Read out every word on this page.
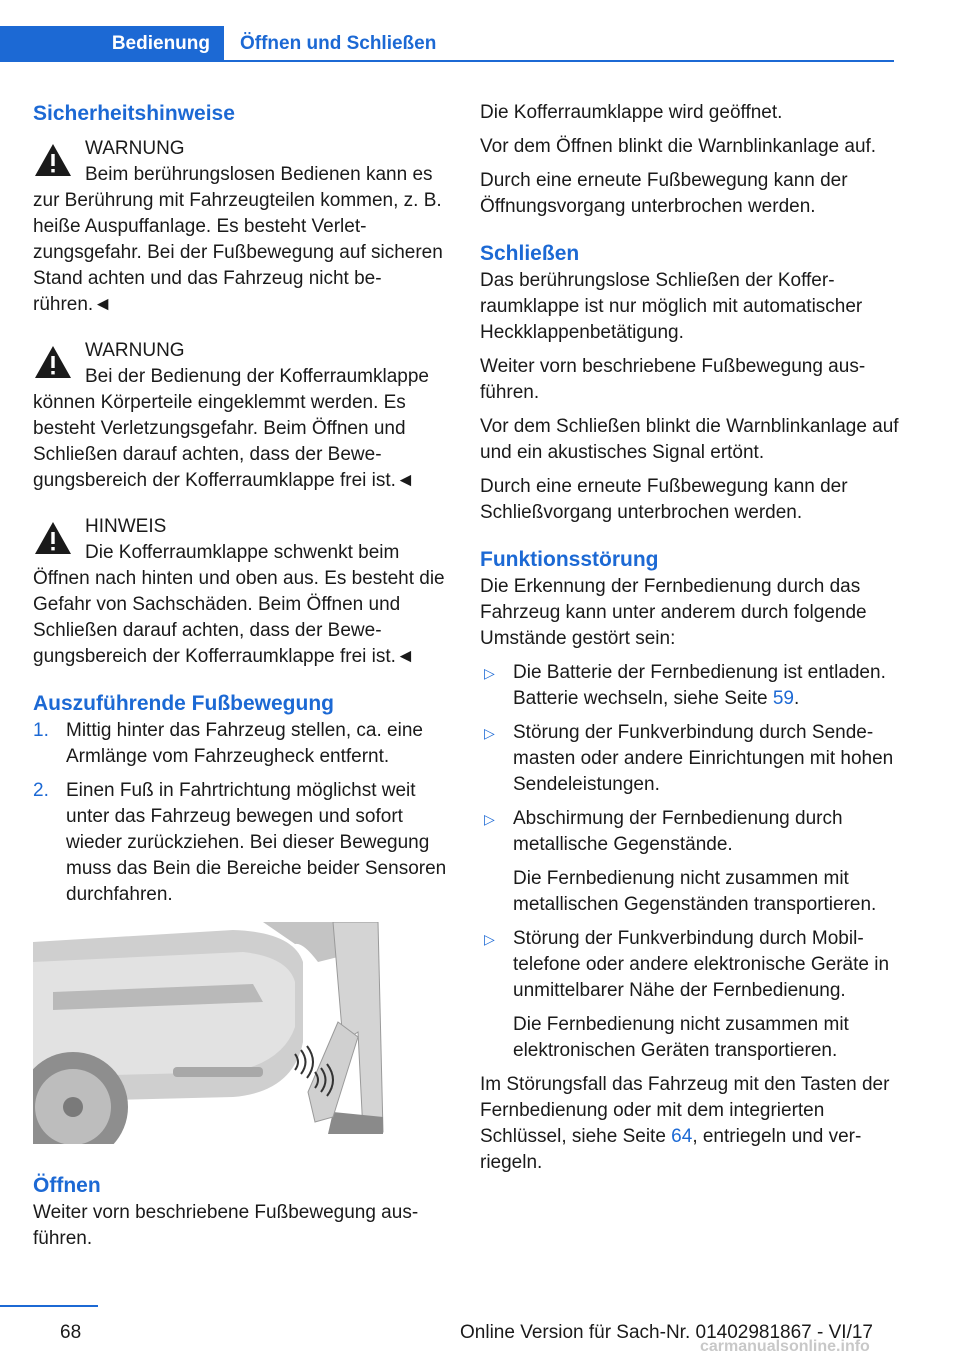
Bedienung	Öffnen und Schließen

Sicherheitshinweise

WARNUNG

Beim berührungslosen Bedienen kann es zur Berührung mit Fahrzeugteilen kommen, z. B. heiße Auspuffanlage. Es besteht Verletzungsgefahr. Bei der Fußbewegung auf sicheren Stand achten und das Fahrzeug nicht berühren.◄

WARNUNG

Bei der Bedienung der Kofferraumklappe können Körperteile eingeklemmt werden. Es besteht Verletzungsgefahr. Beim Öffnen und Schließen darauf achten, dass der Bewegungsbereich der Kofferraumklappe frei ist.◄

HINWEIS

Die Kofferraumklappe schwenkt beim Öffnen nach hinten und oben aus. Es besteht die Gefahr von Sachschäden. Beim Öffnen und Schließen darauf achten, dass der Bewegungsbereich der Kofferraumklappe frei ist.◄

Auszuführende Fußbewegung

1. Mittig hinter das Fahrzeug stellen, ca. eine Armlänge vom Fahrzeugheck entfernt.

2. Einen Fuß in Fahrtrichtung möglichst weit unter das Fahrzeug bewegen und sofort wieder zurückziehen. Bei dieser Bewegung muss das Bein die Bereiche beider Sensoren durchfahren.

Öffnen

Weiter vorn beschriebene Fußbewegung ausführen.

Die Kofferraumklappe wird geöffnet.

Vor dem Öffnen blinkt die Warnblinkanlage auf.

Durch eine erneute Fußbewegung kann der Öffnungsvorgang unterbrochen werden.

Schließen

Das berührungslose Schließen der Kofferraumklappe ist nur möglich mit automatischer Heckklappenbetätigung.

Weiter vorn beschriebene Fußbewegung ausführen.

Vor dem Schließen blinkt die Warnblinkanlage auf und ein akustisches Signal ertönt.

Durch eine erneute Fußbewegung kann der Schließvorgang unterbrochen werden.

Funktionsstörung

Die Erkennung der Fernbedienung durch das Fahrzeug kann unter anderem durch folgende Umstände gestört sein:

▷ Die Batterie der Fernbedienung ist entladen. Batterie wechseln, siehe Seite 59.

▷ Störung der Funkverbindung durch Sendemasten oder andere Einrichtungen mit hohen Sendeleistungen.

▷ Abschirmung der Fernbedienung durch metallische Gegenstände.

Die Fernbedienung nicht zusammen mit metallischen Gegenständen transportieren.

▷ Störung der Funkverbindung durch Mobiltelefone oder andere elektronische Geräte in unmittelbarer Nähe der Fernbedienung.

Die Fernbedienung nicht zusammen mit elektronischen Geräten transportieren.

Im Störungsfall das Fahrzeug mit den Tasten der Fernbedienung oder mit dem integrierten Schlüssel, siehe Seite 64, entriegeln und verriegeln.

68	Online Version für Sach-Nr. 01402981867 - VI/17
carmanualsonline.info
